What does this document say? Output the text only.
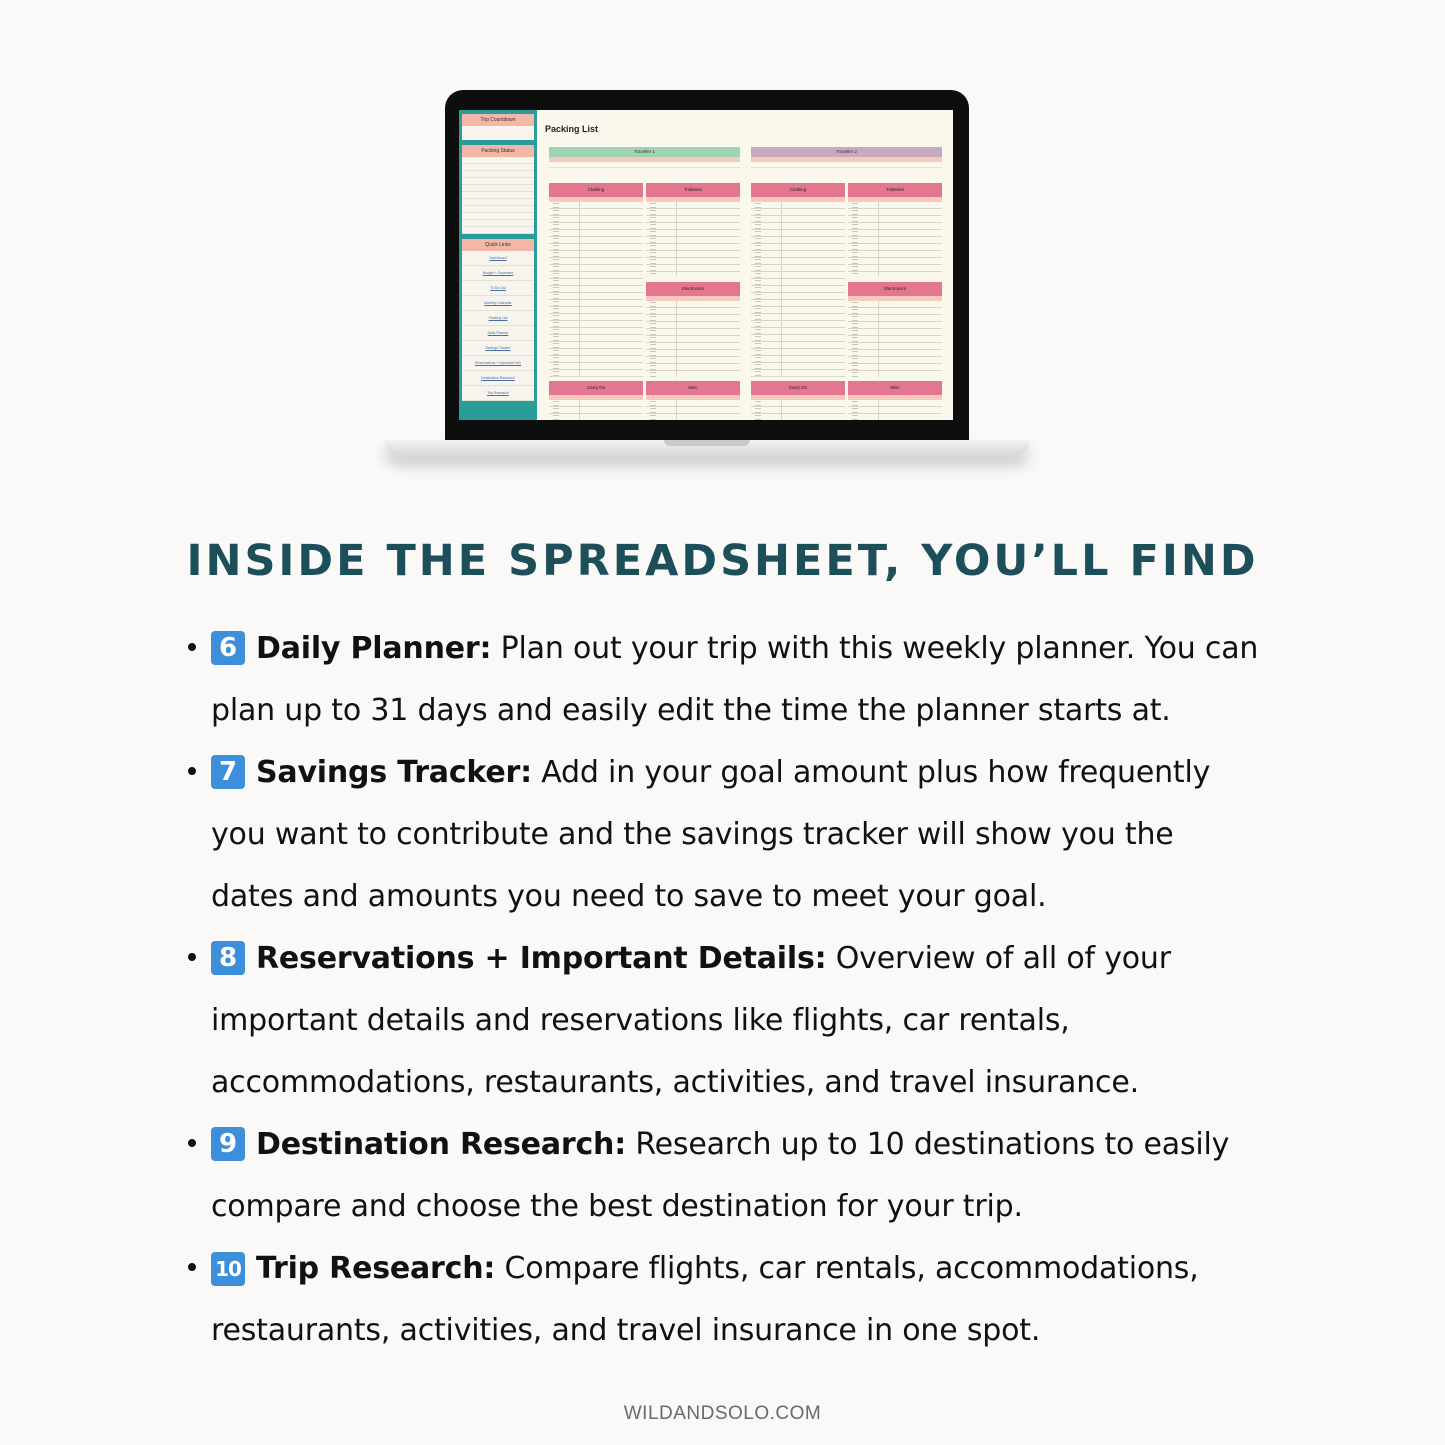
Trip Countdown
Packing Status
Quick Links
Dashboard
Budget + Expenses
To Do List
Monthly Calendar
Packing List
Daily Planner
Savings Tracker
Reservations + Important Info
Destination Research
Trip Research
Packing List
Traveller 1	Traveller 2
Clothing	Toiletries
Electronics
Carry On	Misc
Clothing	Toiletries
Electronics
Carry On	Misc
INSIDE THE SPREADSHEET, YOU’LL FIND
6 Daily Planner: Plan out your trip with this weekly planner. You can
plan up to 31 days and easily edit the time the planner starts at.
7 Savings Tracker: Add in your goal amount plus how frequently
you want to contribute and the savings tracker will show you the
dates and amounts you need to save to meet your goal.
8 Reservations + Important Details: Overview of all of your
important details and reservations like flights, car rentals,
accommodations, restaurants, activities, and travel insurance.
9 Destination Research: Research up to 10 destinations to easily
compare and choose the best destination for your trip.
10 Trip Research: Compare flights, car rentals, accommodations,
restaurants, activities, and travel insurance in one spot.
WILDANDSOLO.COM
